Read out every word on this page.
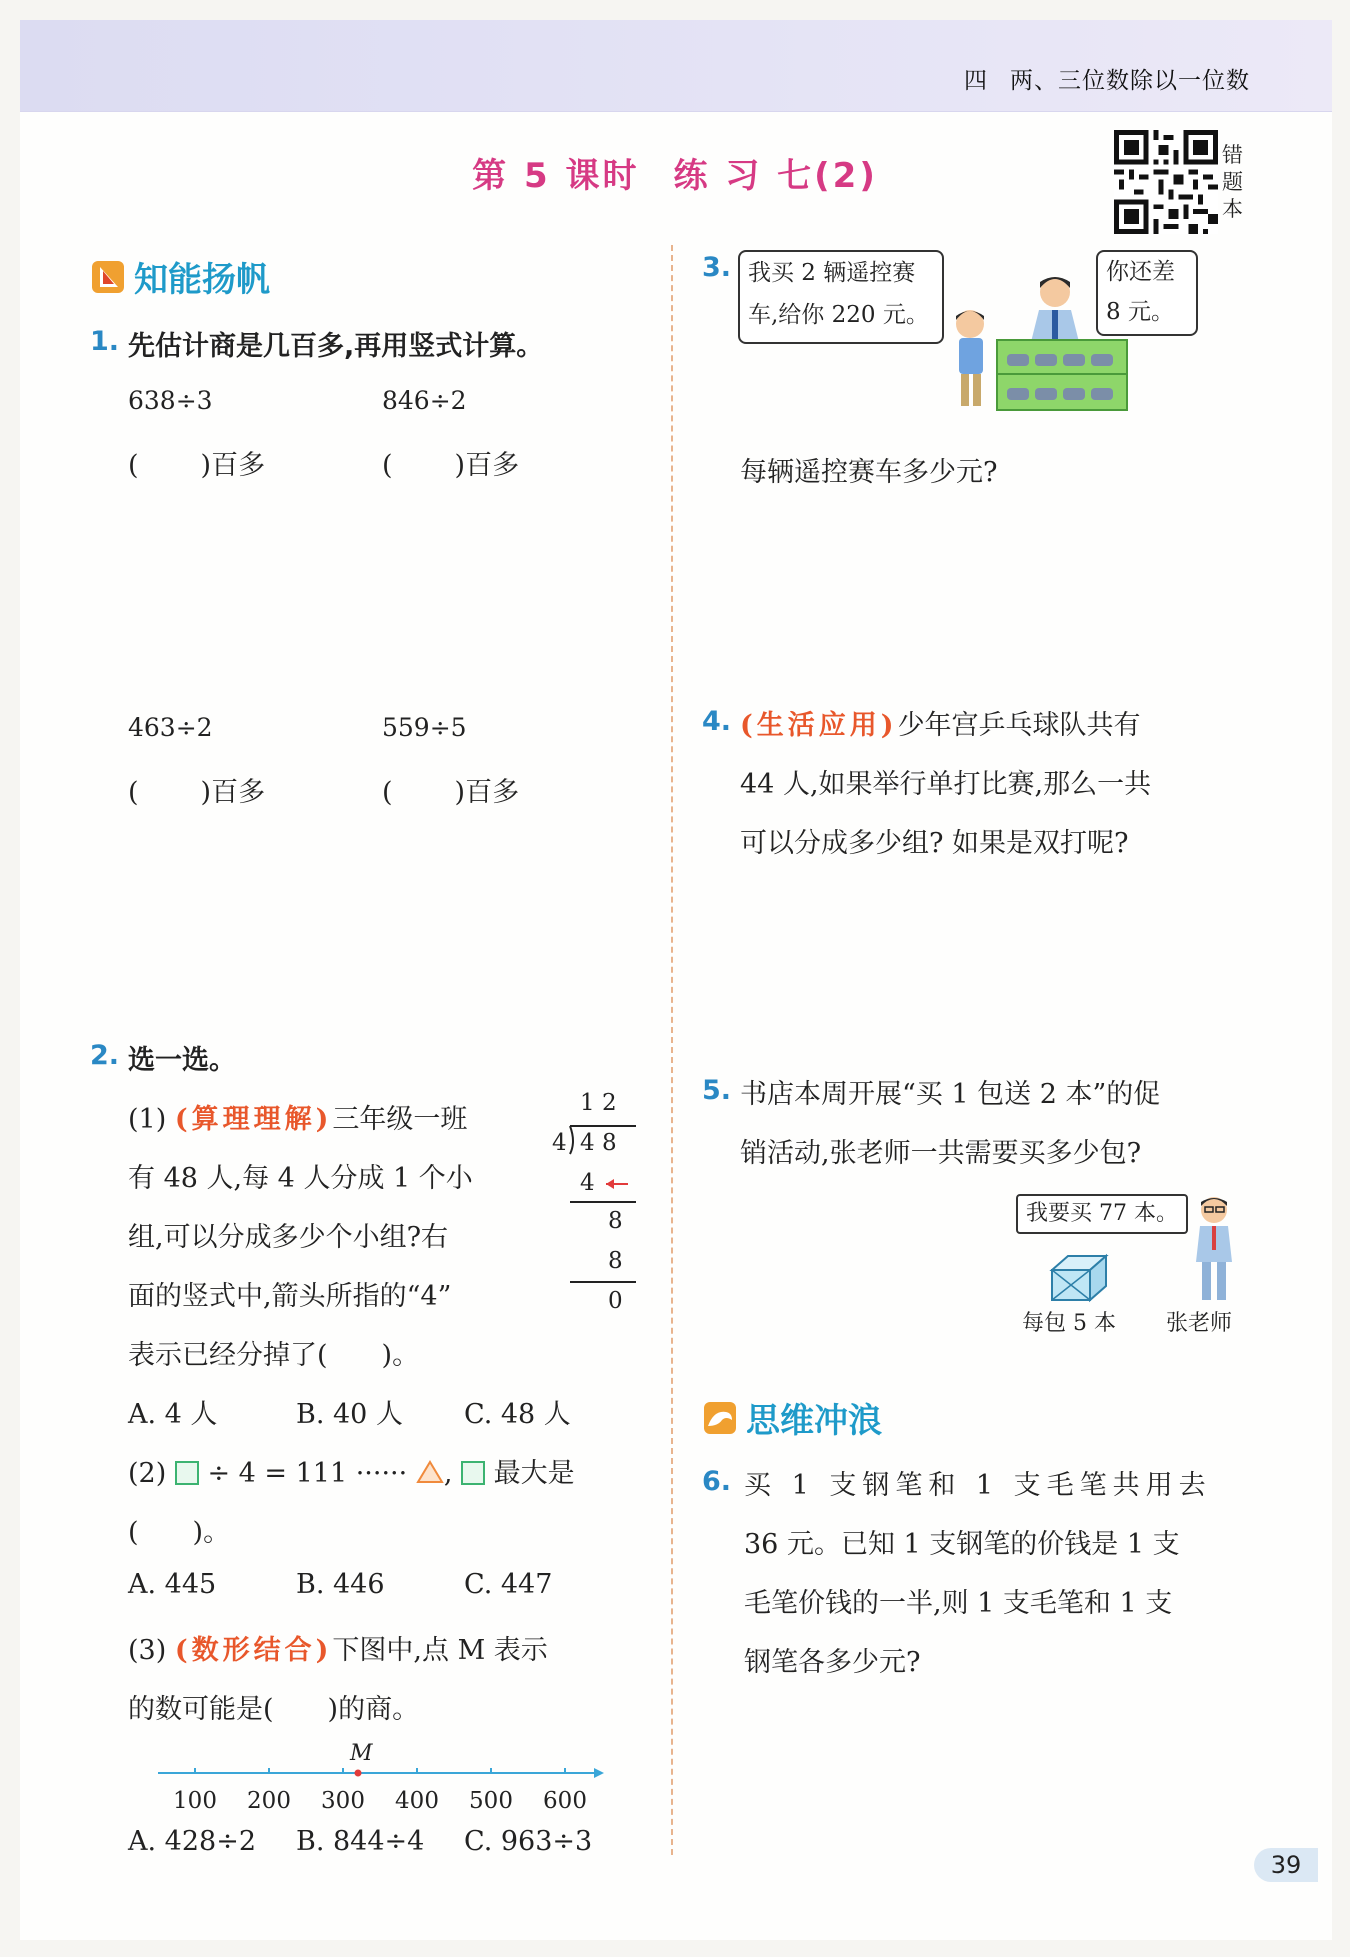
四 两、三位数除以一位数
第 5 课时 练 习 七(2)
错题本
知能扬帆
1. 先估计商是几百多,再用竖式计算。
638÷3	846÷2
( )百多	( )百多
463÷2	559÷5
( )百多	( )百多
2. 选一选。
(1) (算理理解)三年级一班
有 48 人,每 4 人分成 1 个小
组,可以分成多少个小组?右
面的竖式中,箭头所指的“4”
表示已经分掉了(　　)。
1 2
4 4 8
4
8
8
0
A. 4 人	B. 40 人 C. 48 人
(2) ÷ 4 = 111 ······ , 最大是
(　　)。
A. 445	B. 446	C. 447
(3) (数形结合)下图中,点 M 表示
的数可能是(　　)的商。
M
100 200 300 400 500 600
A. 428÷2 B. 844÷4 C. 963÷3
3. 我买 2 辆遥控赛
车,给你 220 元。
你还差
8 元。
每辆遥控赛车多少元?
4. (生活应用)少年宫乒乓球队共有
44 人,如果举行单打比赛,那么一共
可以分成多少组? 如果是双打呢?
5. 书店本周开展“买 1 包送 2 本”的促
销活动,张老师一共需要买多少包?
我要买 77 本。
每包 5 本 张老师
思维冲浪
6. 买 1 支钢笔和 1 支毛笔共用去
36 元。已知 1 支钢笔的价钱是 1 支
毛笔价钱的一半,则 1 支毛笔和 1 支
钢笔各多少元?
39
